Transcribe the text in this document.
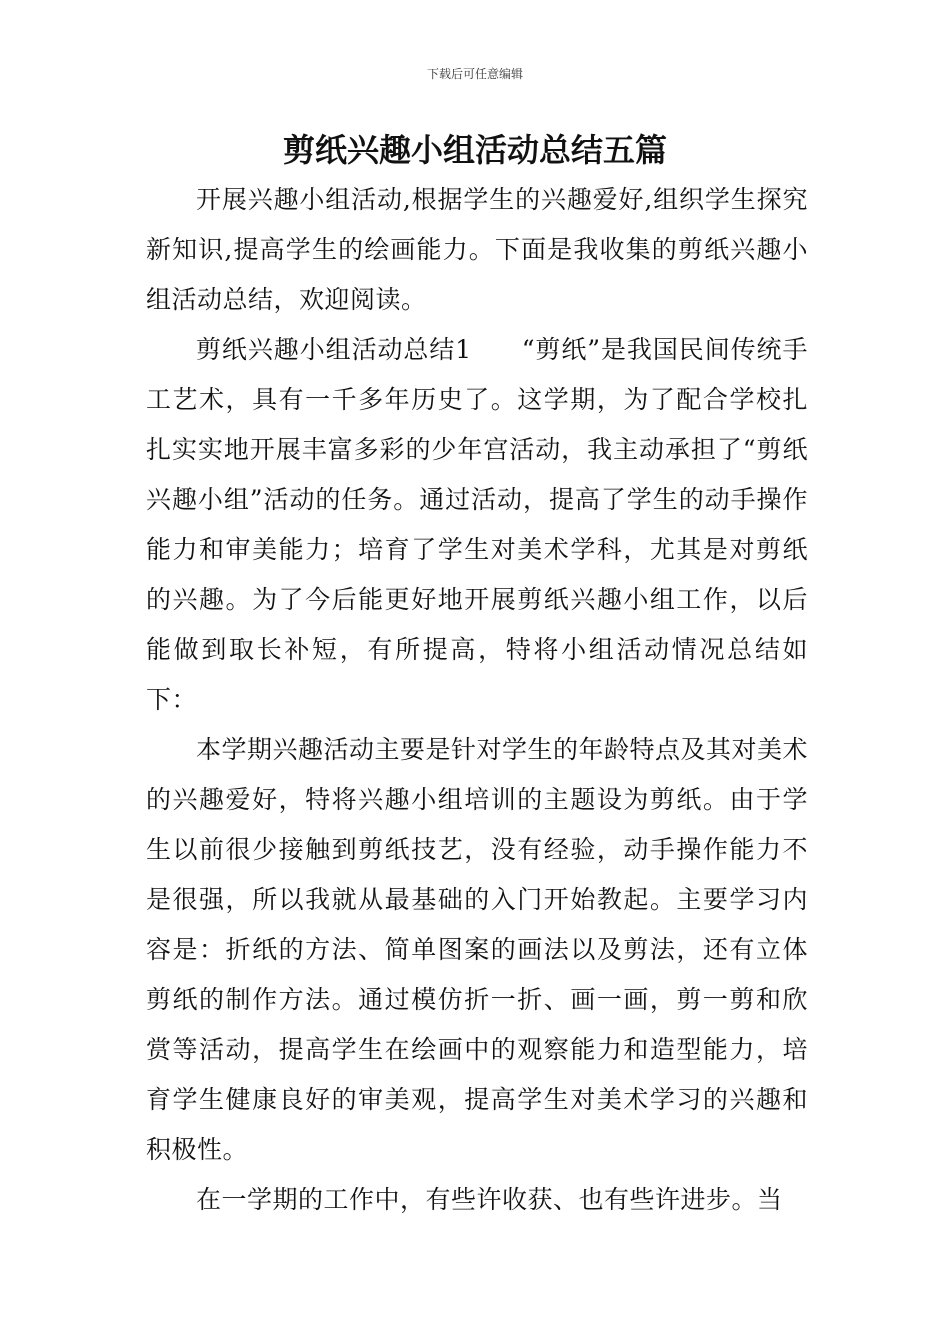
下载后可任意编辑
剪纸兴趣小组活动总结五篇

开展兴趣小组活动,根据学生的兴趣爱好,组织学生探究新知识,提高学生的绘画能力。下面是我收集的剪纸兴趣小组活动总结，欢迎阅读。

剪纸兴趣小组活动总结1 “剪纸”是我国民间传统手工艺术，具有一千多年历史了。这学期，为了配合学校扎扎实实地开展丰富多彩的少年宫活动，我主动承担了“剪纸兴趣小组”活动的任务。通过活动，提高了学生的动手操作能力和审美能力；培育了学生对美术学科，尤其是对剪纸的兴趣。为了今后能更好地开展剪纸兴趣小组工作，以后能做到取长补短，有所提高，特将小组活动情况总结如下：

本学期兴趣活动主要是针对学生的年龄特点及其对美术的兴趣爱好，特将兴趣小组培训的主题设为剪纸。由于学生以前很少接触到剪纸技艺，没有经验，动手操作能力不是很强，所以我就从最基础的入门开始教起。主要学习内容是：折纸的方法、简单图案的画法以及剪法，还有立体剪纸的制作方法。通过模仿折一折、画一画，剪一剪和欣赏等活动，提高学生在绘画中的观察能力和造型能力，培育学生健康良好的审美观，提高学生对美术学习的兴趣和积极性。

在一学期的工作中，有些许收获、也有些许进步。当
